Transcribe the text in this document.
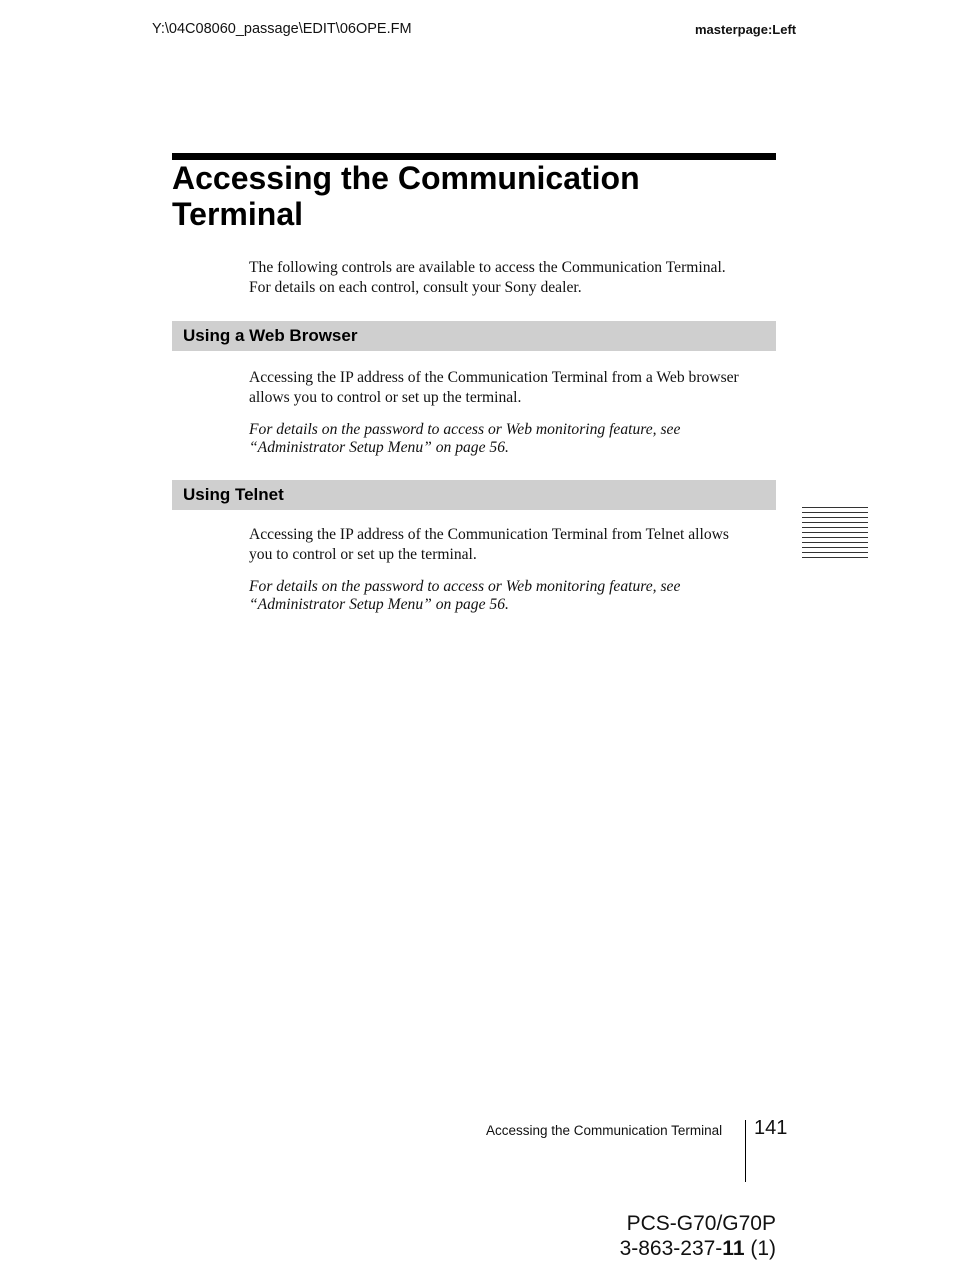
Y:\04C08060_passage\EDIT\06OPE.FM	masterpage:Left
Accessing the Communication Terminal
The following controls are available to access the Communication Terminal.
For details on each control, consult your Sony dealer.
Using a Web Browser
Accessing the IP address of the Communication Terminal from a Web browser
allows you to control or set up the terminal.
For details on the password to access or Web monitoring feature, see
“Administrator Setup Menu” on page 56.
Using Telnet
Accessing the IP address of the Communication Terminal from Telnet allows
you to control or set up the terminal.
For details on the password to access or Web monitoring feature, see
“Administrator Setup Menu” on page 56.
Accessing the Communication Terminal 141
PCS-G70/G70P
3-863-237-11 (1)
